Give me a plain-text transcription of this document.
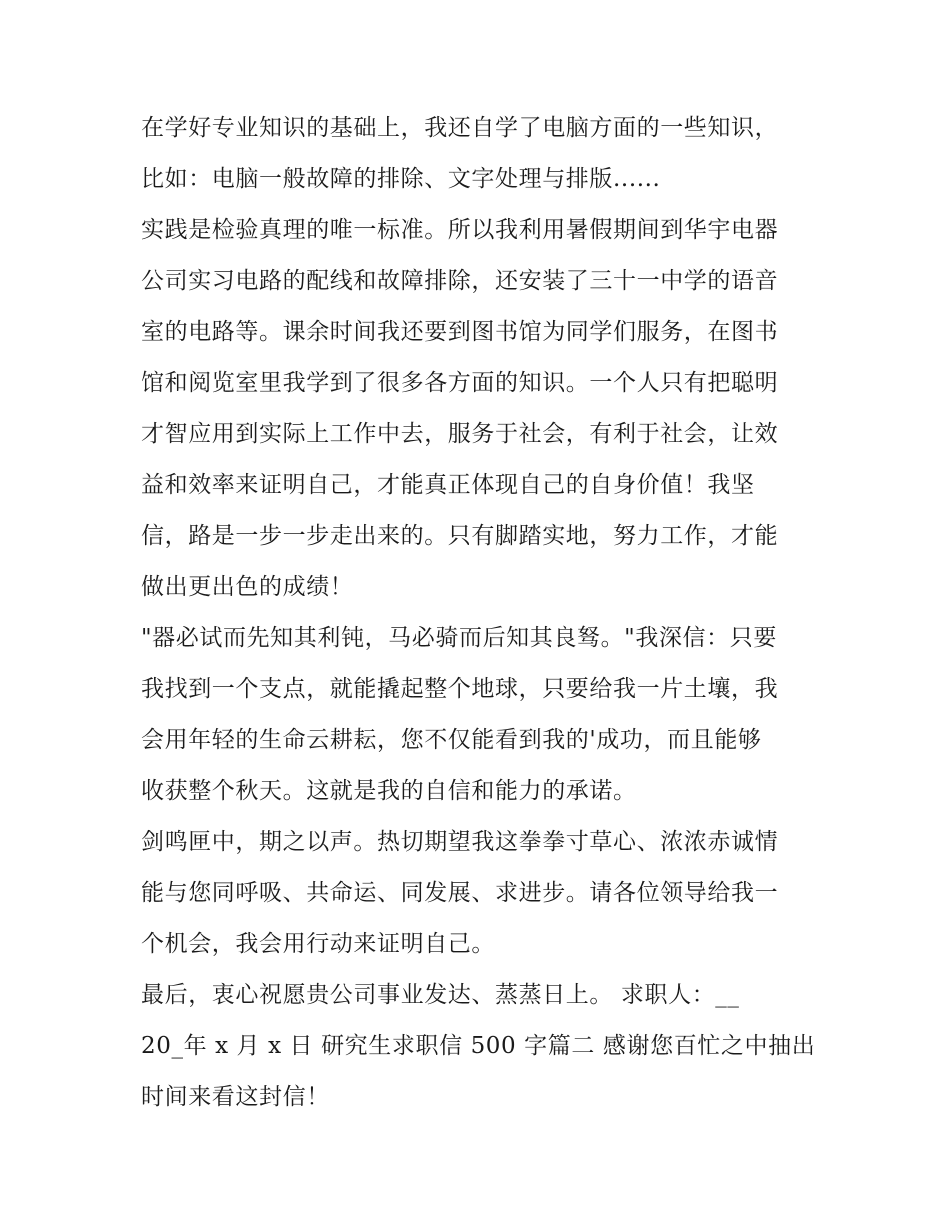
在学好专业知识的基础上，我还自学了电脑方面的一些知识，
比如：电脑一般故障的排除、文字处理与排版......
实践是检验真理的唯一标准。所以我利用暑假期间到华宇电器
公司实习电路的配线和故障排除，还安装了三十一中学的语音
室的电路等。课余时间我还要到图书馆为同学们服务，在图书
馆和阅览室里我学到了很多各方面的知识。一个人只有把聪明
才智应用到实际上工作中去，服务于社会，有利于社会，让效
益和效率来证明自己，才能真正体现自己的自身价值！我坚
信，路是一步一步走出来的。只有脚踏实地，努力工作，才能
做出更出色的成绩！
"器必试而先知其利钝，马必骑而后知其良驽。"我深信：只要
我找到一个支点，就能撬起整个地球，只要给我一片土壤，我
会用年轻的生命云耕耘，您不仅能看到我的'成功，而且能够
收获整个秋天。这就是我的自信和能力的承诺。
剑鸣匣中，期之以声。热切期望我这拳拳寸草心、浓浓赤诚情
能与您同呼吸、共命运、同发展、求进步。请各位领导给我一
个机会，我会用行动来证明自己。
最后，衷心祝愿贵公司事业发达、蒸蒸日上。 求职人：__
20_年 x 月 x 日 研究生求职信 500 字篇二 感谢您百忙之中抽出
时间来看这封信！
